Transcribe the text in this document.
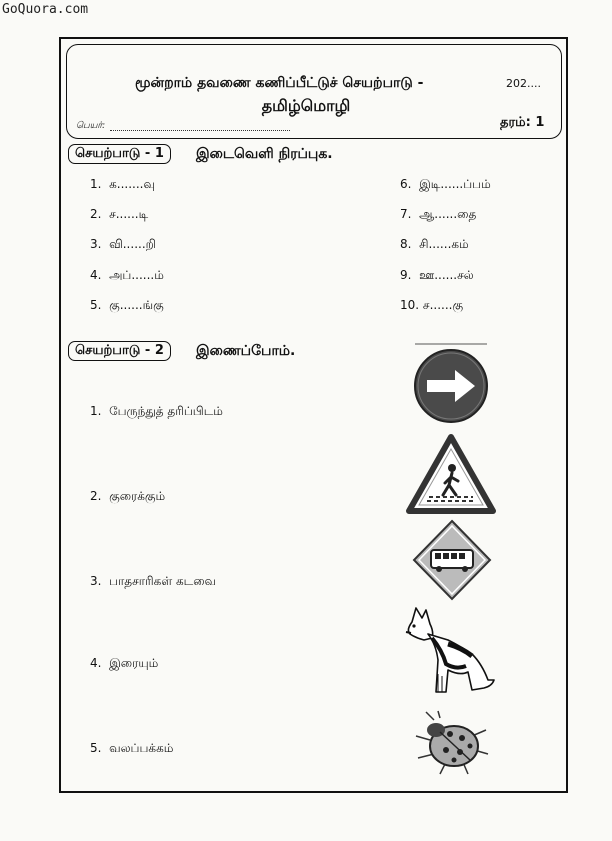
GoQuora.com
மூன்றாம் தவணை கணிப்பீட்டுச் செயற்பாடு -	202....
தமிழ்மொழி
பெயர்:	தரம்: 1
செயற்பாடு - 1	இடைவெளி நிரப்புக.
1. க.......வு
2. ச......டி
3. வி......றி
4. அப்......ம்
5. கு......ங்கு
6. இடி......ப்பம்
7. ஆ......தை
8. சி......கம்
9. ஊ......சல்
10. ச......கு
செயற்பாடு - 2	இணைப்போம்.
1. பேருந்துத் தரிப்பிடம்
2. குரைக்கும்
3. பாதசாரிகள் கடவை
4. இரையும்
5. வலப்பக்கம்
